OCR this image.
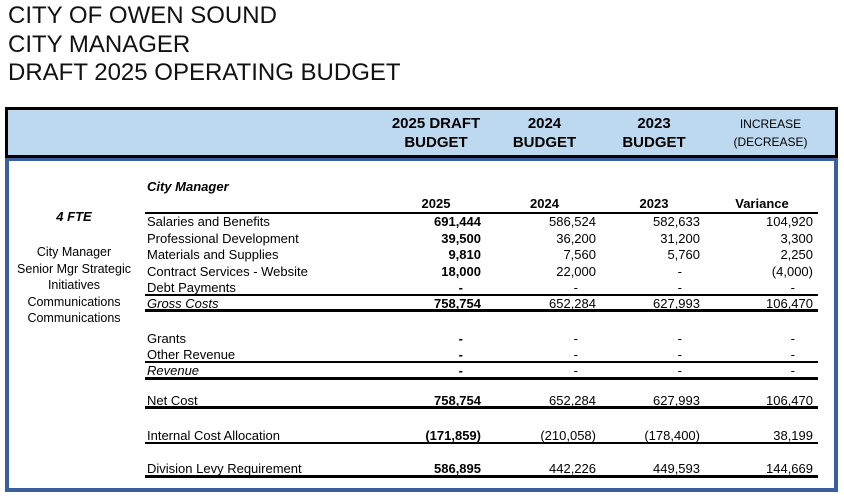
CITY OF OWEN SOUND
CITY MANAGER
DRAFT 2025 OPERATING BUDGET
2025 DRAFT
BUDGET
2024
BUDGET
2023
BUDGET
INCREASE
(DECREASE)
4 FTE
City Manager
Senior Mgr Strategic
Initiatives
Communications
Communications
City Manager
2025	2024	2023	Variance
Salaries and Benefits	691,444	586,524	582,633	104,920
Professional Development	39,500	36,200	31,200	3,300
Materials and Supplies	9,810	7,560	5,760	2,250
Contract Services - Website	18,000	22,000	-	(4,000)
Debt Payments	-	-	-	-
Gross Costs	758,754	652,284	627,993	106,470
Grants	-	-	-	-
Other Revenue	-	-	-	-
Revenue	-	-	-	-
Net Cost	758,754	652,284	627,993	106,470
Internal Cost Allocation	(171,859)	(210,058)	(178,400)	38,199
Division Levy Requirement	586,895	442,226	449,593	144,669
